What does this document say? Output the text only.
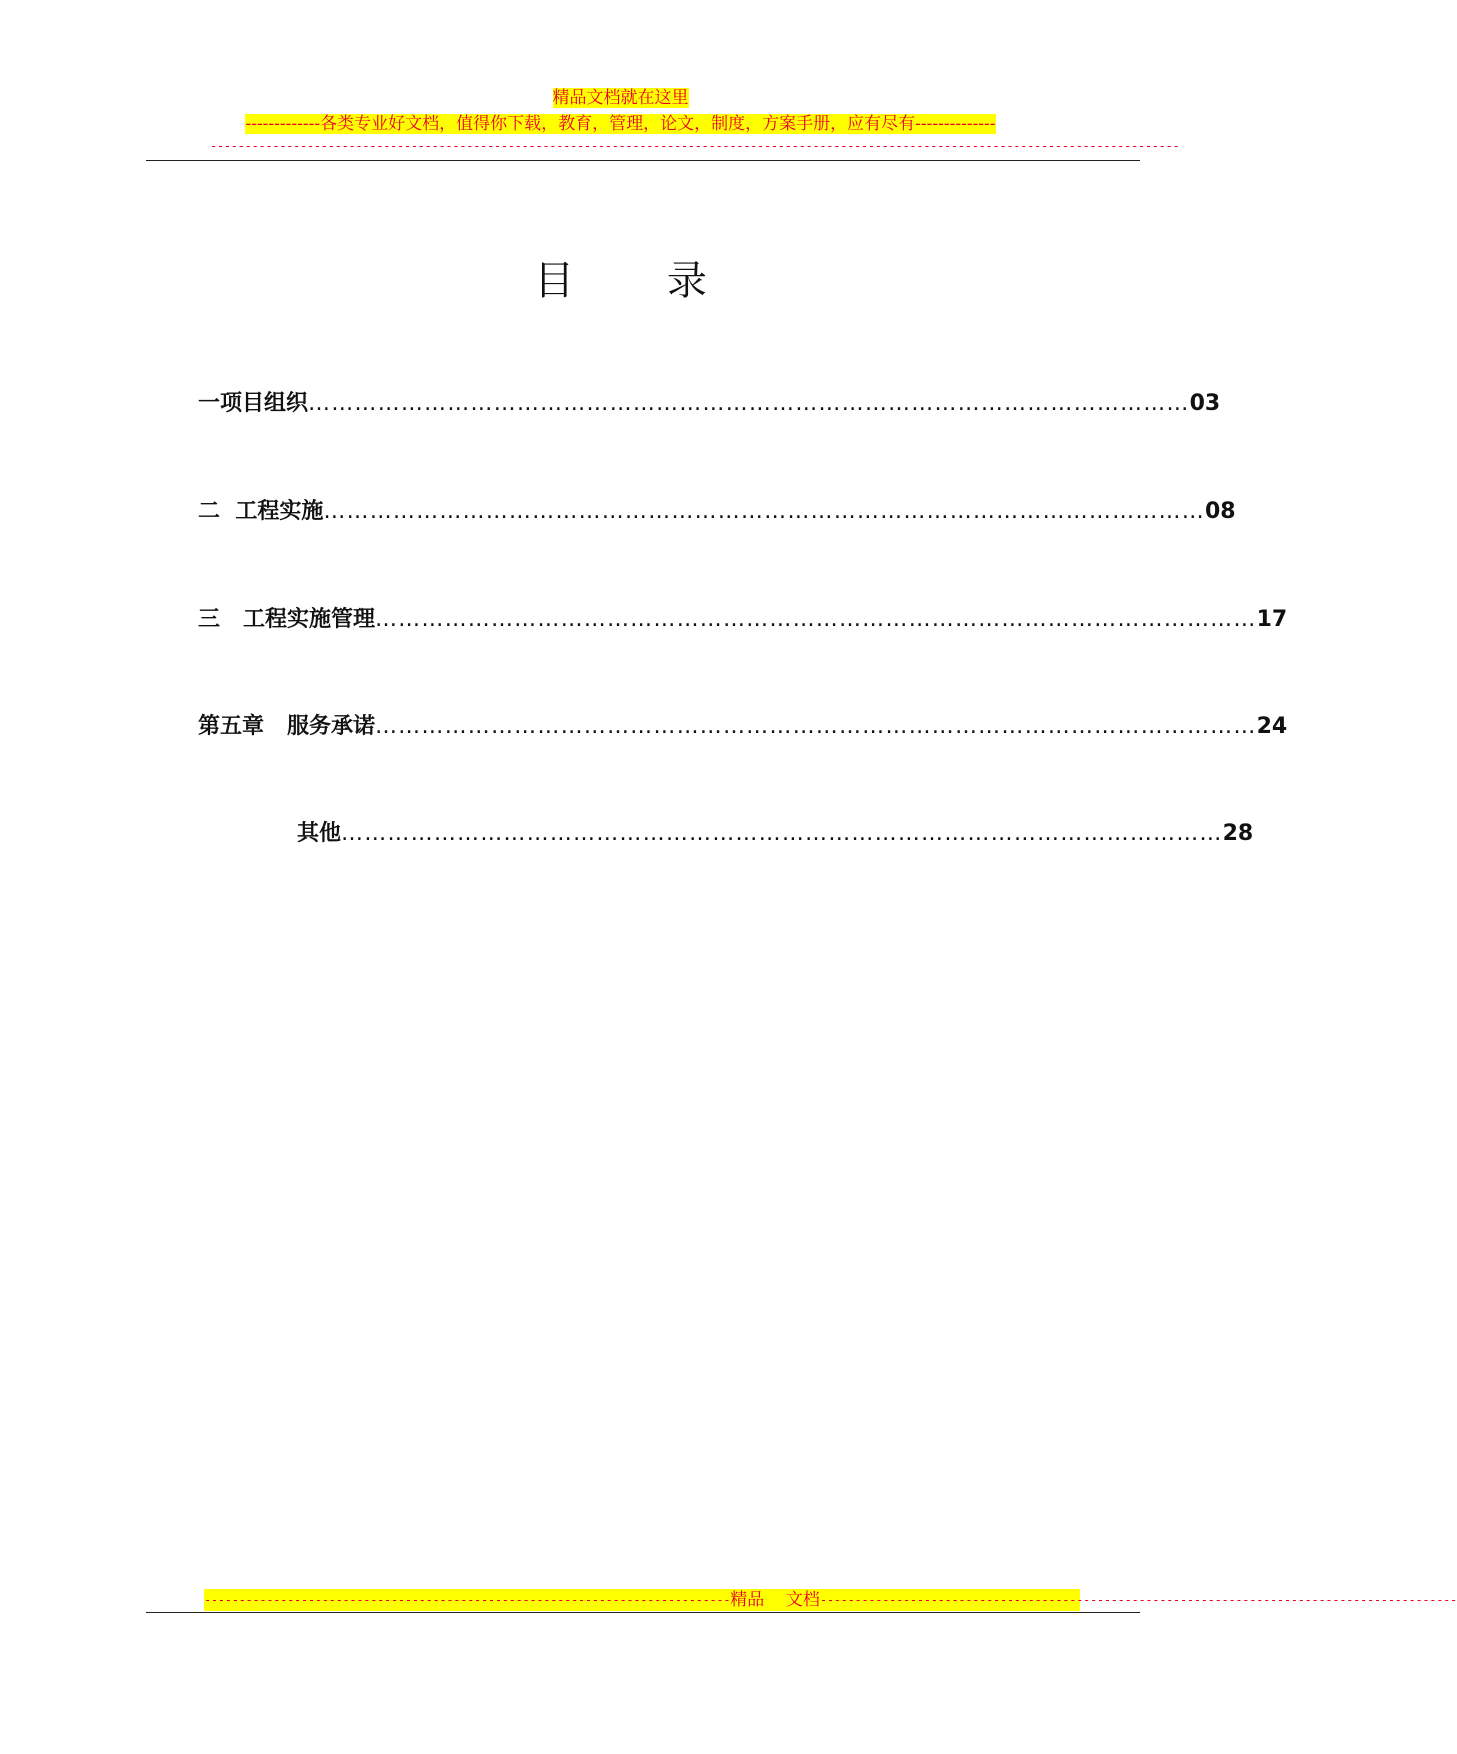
精品文档就在这里
-------------各类专业好文档，值得你下载，教育，管理，论文，制度，方案手册，应有尽有--------------
--------------------------------------------------------------------------------------------------------------------------------------------
目 录
一项目组织 …………………………………………………………………………………………………… 03
二  工程实施 …………………………………………………………………………………………………… 08
三   工程实施管理 …………………………………………………………………………………………………… 17
第五章   服务承诺 …………………………………………………………………………………………………… 24
其他 …………………………………………………………………………………………………… 28
---------------------------------------------------------------------------- 精品    文档 --------------------------------------------------------------------------------------------
